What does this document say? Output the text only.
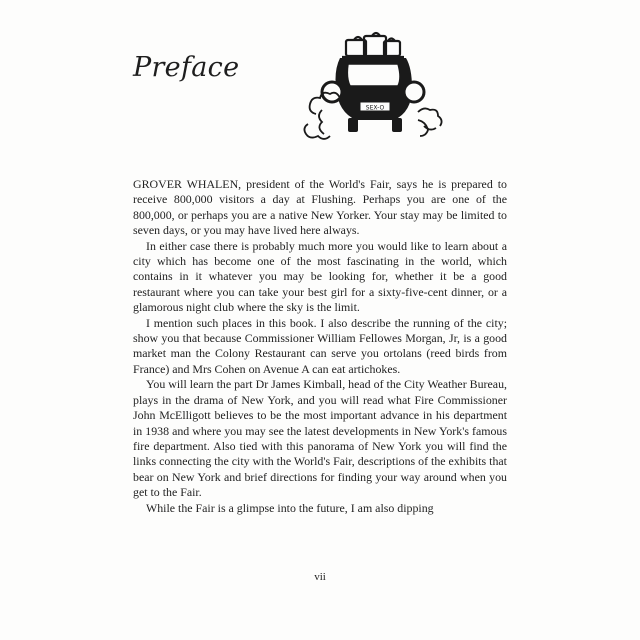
Preface
SEX-O

GROVER WHALEN, president of the World's Fair, says he is prepared to receive 800,000 visitors a day at Flushing. Perhaps you are one of the 800,000, or perhaps you are a native New Yorker. Your stay may be limited to seven days, or you may have lived here always.

In either case there is probably much more you would like to learn about a city which has become one of the most fascinating in the world, which contains in it whatever you may be looking for, whether it be a good restaurant where you can take your best girl for a sixty-five-cent dinner, or a glamorous night club where the sky is the limit.

I mention such places in this book. I also describe the running of the city; show you that because Commissioner William Fellowes Morgan, Jr, is a good market man the Colony Restaurant can serve you ortolans (reed birds from France) and Mrs Cohen on Avenue A can eat artichokes.

You will learn the part Dr James Kimball, head of the City Weather Bureau, plays in the drama of New York, and you will read what Fire Commissioner John McElligott believes to be the most important advance in his department in 1938 and where you may see the latest developments in New York's famous fire department. Also tied with this panorama of New York you will find the links connecting the city with the World's Fair, descriptions of the exhibits that bear on New York and brief directions for finding your way around when you get to the Fair.

While the Fair is a glimpse into the future, I am also dipping

vii
